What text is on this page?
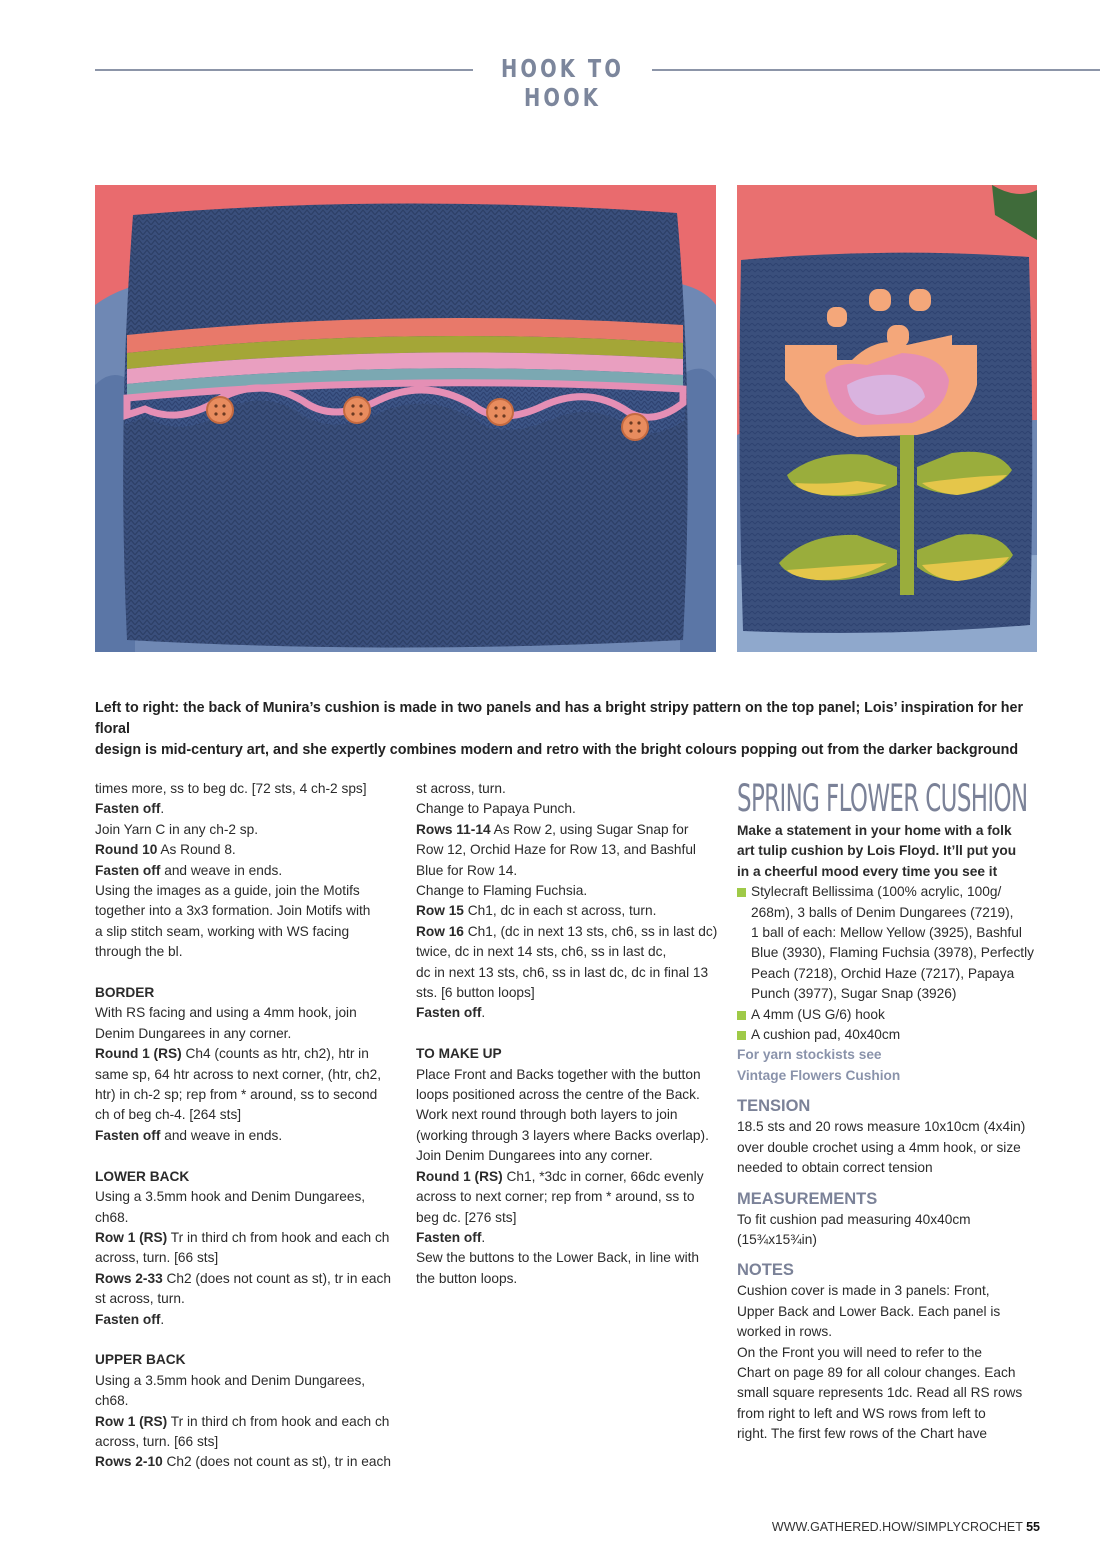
HOOK TO HOOK

Left to right: the back of Munira’s cushion is made in two panels and has a bright stripy pattern on the top panel; Lois’ inspiration for her floral

design is mid-century art, and she expertly combines modern and retro with the bright colours popping out from the darker background

times more, ss to beg dc. [72 sts, 4 ch-2 sps]

Fasten off.

Join Yarn C in any ch-2 sp.

Round 10 As Round 8.

Fasten off and weave in ends.

Using the images as a guide, join the Motifs

together into a 3x3 formation. Join Motifs with

a slip stitch seam, working with WS facing

through the bl.

BORDER

With RS facing and using a 4mm hook, join

Denim Dungarees in any corner.

Round 1 (RS) Ch4 (counts as htr, ch2), htr in

same sp, 64 htr across to next corner, (htr, ch2,

htr) in ch-2 sp; rep from * around, ss to second

ch of beg ch-4. [264 sts]

Fasten off and weave in ends.

LOWER BACK

Using a 3.5mm hook and Denim Dungarees,

ch68.

Row 1 (RS) Tr in third ch from hook and each ch

across, turn. [66 sts]

Rows 2-33 Ch2 (does not count as st), tr in each

st across, turn.

Fasten off.

UPPER BACK

Using a 3.5mm hook and Denim Dungarees,

ch68.

Row 1 (RS) Tr in third ch from hook and each ch

across, turn. [66 sts]

Rows 2-10 Ch2 (does not count as st), tr in each

st across, turn.

Change to Papaya Punch.

Rows 11-14 As Row 2, using Sugar Snap for

Row 12, Orchid Haze for Row 13, and Bashful

Blue for Row 14.

Change to Flaming Fuchsia.

Row 15 Ch1, dc in each st across, turn.

Row 16 Ch1, (dc in next 13 sts, ch6, ss in last dc)

twice, dc in next 14 sts, ch6, ss in last dc,

dc in next 13 sts, ch6, ss in last dc, dc in final 13

sts. [6 button loops]

Fasten off.

TO MAKE UP

Place Front and Backs together with the button

loops positioned across the centre of the Back.

Work next round through both layers to join

(working through 3 layers where Backs overlap).

Join Denim Dungarees into any corner.

Round 1 (RS) Ch1, *3dc in corner, 66dc evenly

across to next corner; rep from * around, ss to

beg dc. [276 sts]

Fasten off.

Sew the buttons to the Lower Back, in line with

the button loops.

SPRING FLOWER CUSHION

Make a statement in your home with a folk

art tulip cushion by Lois Floyd. It’ll put you

in a cheerful mood every time you see it

Stylecraft Bellissima (100% acrylic, 100g/
268m), 3 balls of Denim Dungarees (7219),
1 ball of each: Mellow Yellow (3925), Bashful
Blue (3930), Flaming Fuchsia (3978), Perfectly
Peach (7218), Orchid Haze (7217), Papaya
Punch (3977), Sugar Snap (3926)
A 4mm (US G/6) hook
A cushion pad, 40x40cm

For yarn stockists see

Vintage Flowers Cushion

TENSION

18.5 sts and 20 rows measure 10x10cm (4x4in)

over double crochet using a 4mm hook, or size

needed to obtain correct tension

MEASUREMENTS

To fit cushion pad measuring 40x40cm

(15¾x15¾in)

NOTES

Cushion cover is made in 3 panels: Front,

Upper Back and Lower Back. Each panel is

worked in rows.

On the Front you will need to refer to the

Chart on page 89 for all colour changes. Each

small square represents 1dc. Read all RS rows

from right to left and WS rows from left to

right. The first few rows of the Chart have

WWW.GATHERED.HOW/SIMPLYCROCHET 55
